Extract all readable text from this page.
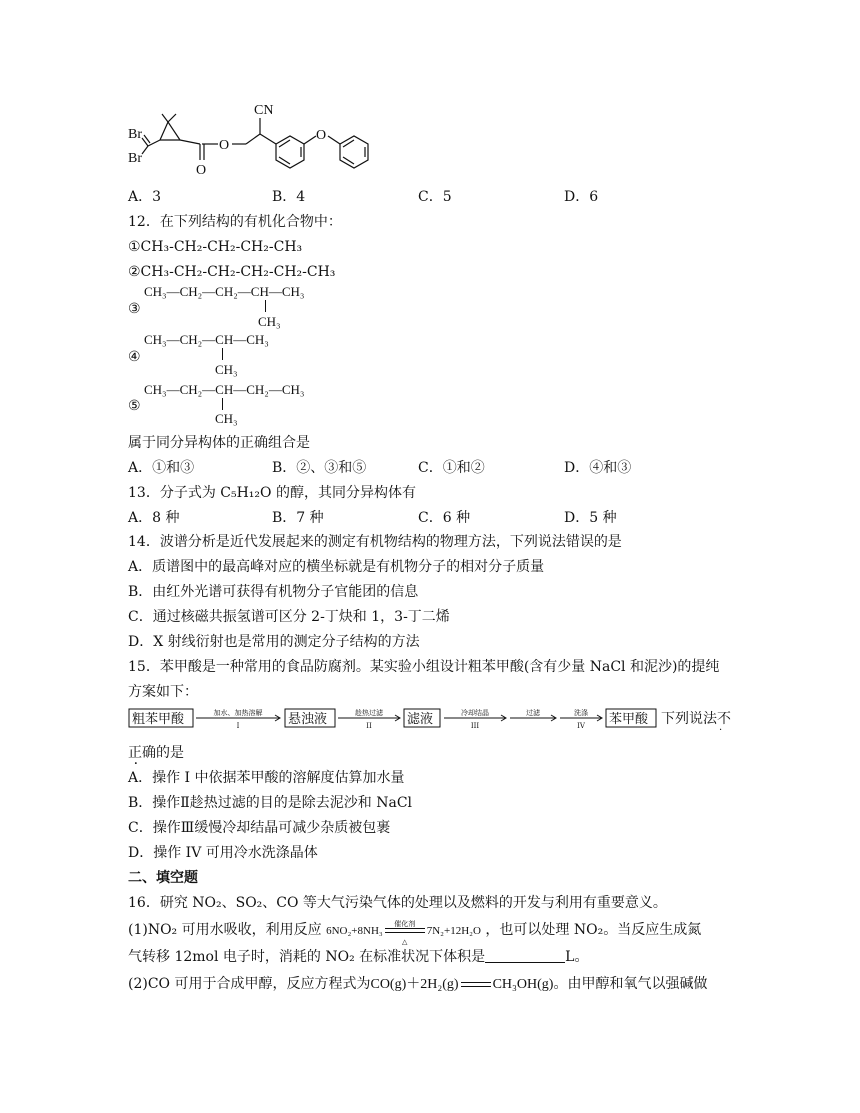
Br
Br
O
O
CN
O
A．3	B．4	C．5	D．6
12．在下列结构的有机化合物中：
①CH₃-CH₂-CH₂-CH₂-CH₃
②CH₃-CH₂-CH₂-CH₂-CH₂-CH₃
CH₃—CH₂—CH₂—CH—CH₃
③
CH₃
CH₃—CH₂—CH—CH₃
④
CH₃
CH₃—CH₂—CH—CH₂—CH₃
⑤
CH₃
属于同分异构体的正确组合是
A．①和③	B．②、③和⑤	C．①和②	D．④和③
13．分子式为 C₅H₁₂O 的醇，其同分异构体有
A．8 种	B．7 种	C．6 种	D．5 种
14．波谱分析是近代发展起来的测定有机物结构的物理方法，下列说法错误的是
A．质谱图中的最高峰对应的横坐标就是有机物分子的相对分子质量
B．由红外光谱可获得有机物分子官能团的信息
C．通过核磁共振氢谱可区分 2-丁炔和 1，3-丁二烯
D．X 射线衍射也是常用的测定分子结构的方法
15．苯甲酸是一种常用的食品防腐剂。某实验小组设计粗苯甲酸(含有少量 NaCl 和泥沙)的提纯
方案如下：
粗苯甲酸	加水、加热溶解
I	悬浊液	趁热过滤
II	滤液	冷却结晶
III
过滤	洗涤
IV 苯甲酸 下列说法 不
·
正确的是
A．操作 I 中依据苯甲酸的溶解度估算加水量
B．操作Ⅱ趁热过滤的目的是除去泥沙和 NaCl
C．操作Ⅲ缓慢冷却结晶可减少杂质被包裹
D．操作 IV 可用冷水洗涤晶体
二、填空题
16．研究 NO₂、SO₂、CO 等大气污染气体的处理以及燃料的开发与利用有重要意义。
(1)NO₂ 可用水吸收，利用反应 6NO₂+8NH₃
催化剂
△
7N₂+12H₂O ，也可以处理 NO₂。当反应生成氮
气转移 12mol 电子时，消耗的 NO₂ 在标准状况下体积是	L。
(2)CO 可用于合成甲醇，反应方程式为CO(g)＋2H₂(g) CH₃OH(g)。由甲醇和氧气以强碱做
